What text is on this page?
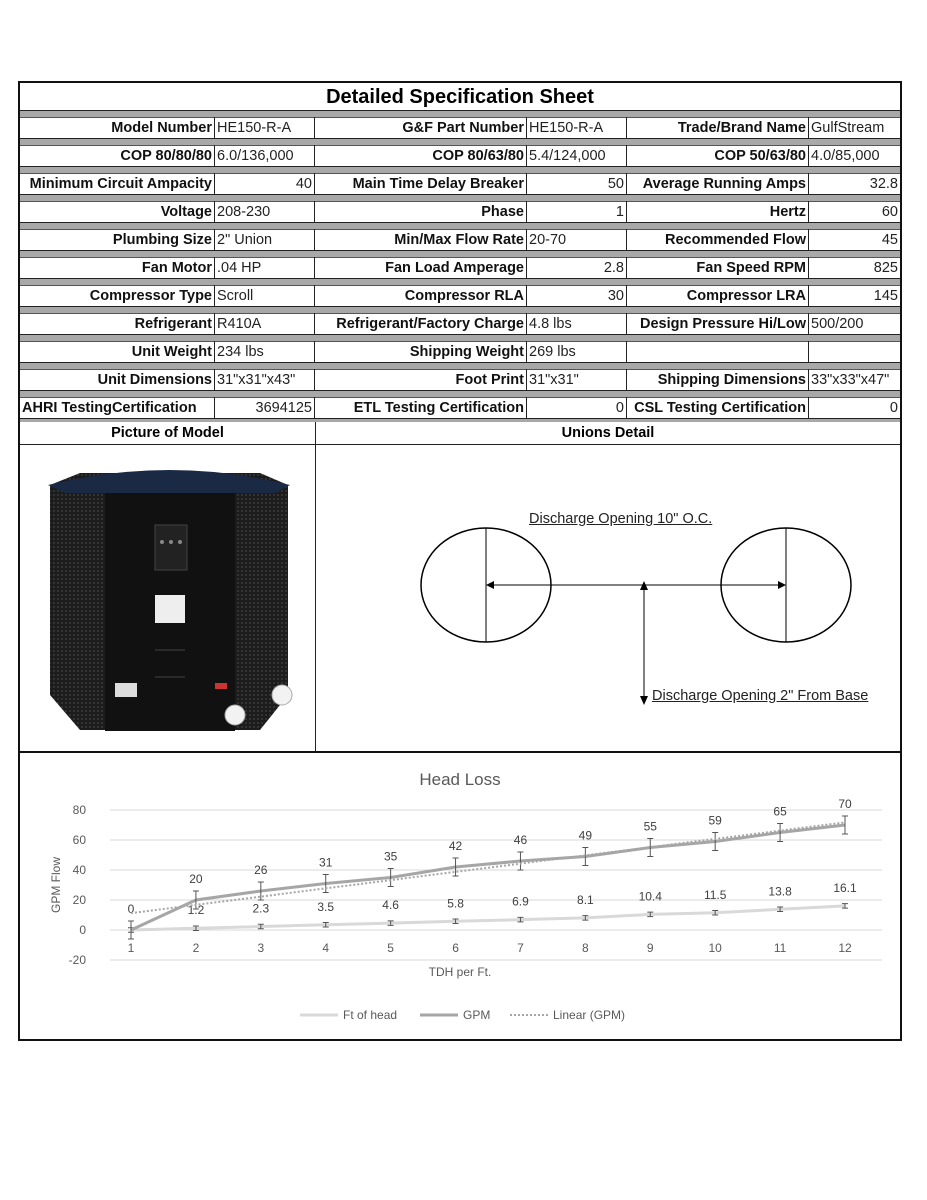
Detailed Specification Sheet
Model Number HE150-R-A	G&F Part Number HE150-R-A	Trade/Brand Name GulfStream
COP 80/80/80 6.0/136,000	COP 80/63/80 5.4/124,000	COP 50/63/80 4.0/85,000
Minimum Circuit Ampacity	40	Main Time Delay Breaker	50	Average Running Amps	32.8
Voltage 208-230	Phase	1	Hertz	60
Plumbing Size 2" Union	Min/Max Flow Rate 20-70	Recommended Flow	45
Fan Motor .04 HP	Fan Load Amperage	2.8	Fan Speed RPM	825
Compressor Type Scroll	Compressor RLA	30	Compressor LRA	145
Refrigerant R410A	Refrigerant/Factory Charge 4.8 lbs	Design Pressure Hi/Low 500/200
Unit Weight 234 lbs	Shipping Weight 269 lbs
Unit Dimensions 31"x31"x43"	Foot Print 31"x31"	Shipping Dimensions 33"x33"x47"
AHRI TestingCertification	3694125	ETL Testing Certification	0 CSL Testing Certification	0
Picture of Model	Unions Detail
Discharge Opening 10" O.C.
Discharge Opening 2" From Base
Head Loss
80
60
40
20
0
-20
1	2	3	4	5	6	7	8	9	10	11	12
TDH per Ft.
GPM Flow	1.2	2.3	3.5	4.6	5.8	6.9	8.1	10.4	11.5	13.8	16.1
0
20
26
31	35
42	46	49
55	59
65
70
Ft of head	GPM	Linear (GPM)
